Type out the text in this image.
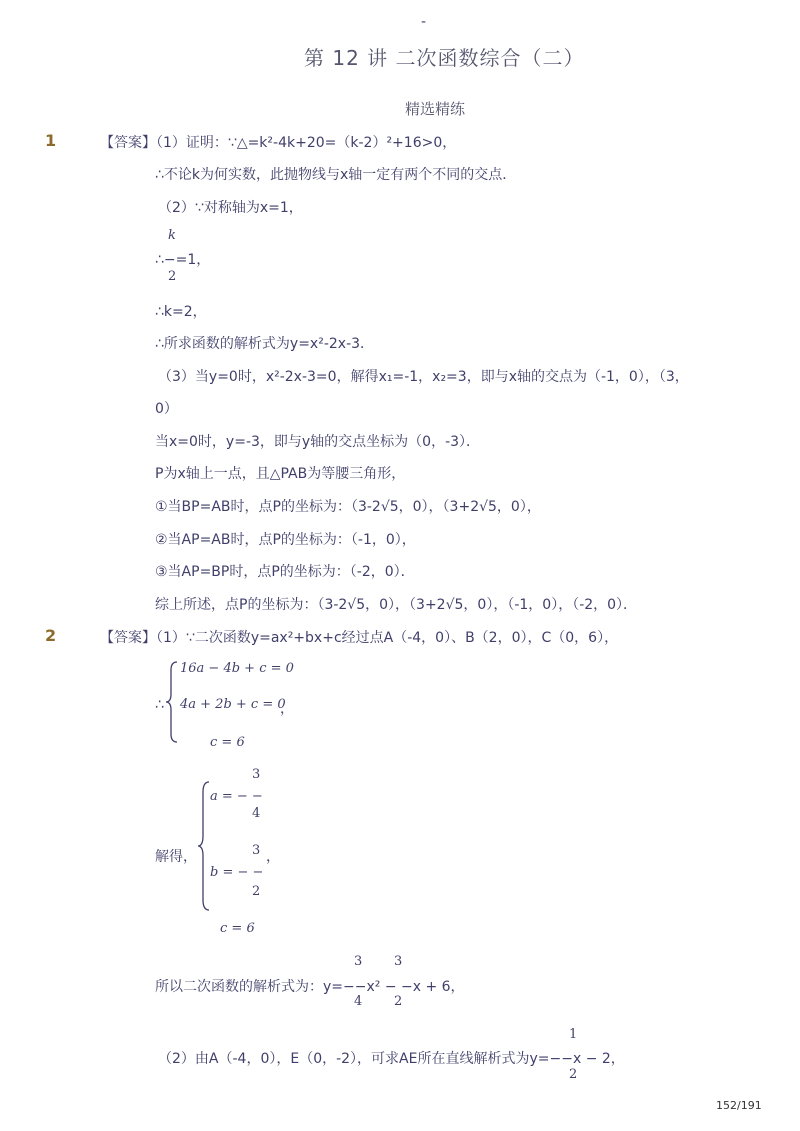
-
第 12 讲 二次函数综合（二）
精选精练
1	【答案】（1）证明：∵△=k²-4k+20=（k-2）²+16>0，
∴不论k为何实数，此抛物线与x轴一定有两个不同的交点．
（2）∵对称轴为x=1，
k
∴−=1，
2
∴k=2，
∴所求函数的解析式为y=x²-2x-3．
（3）当y=0时，x²-2x-3=0，解得x₁=-1，x₂=3，即与x轴的交点为（-1，0），（3，
0）
当x=0时，y=-3，即与y轴的交点坐标为（0，-3）．
P为x轴上一点，且△PAB为等腰三角形，
①当BP=AB时，点P的坐标为：（3-2√5，0），（3+2√5，0），
②当AP=AB时，点P的坐标为：（-1，0），
③当AP=BP时，点P的坐标为：（-2，0）．
综上所述，点P的坐标为：（3-2√5，0），（3+2√5，0），（-1，0），（-2，0）．
2	【答案】（1）∵二次函数y=ax²+bx+c经过点A（-4，0）、B（2，0），C（0，6），
∴
16a − 4b + c = 0
4a + 2b + c = 0
，
c = 6
解得，
3
a = − −
4
3
b = − −
，
2
c = 6
3 3
所以二次函数的解析式为：y=−−x² − −x + 6，
4 2
1
（2）由A（-4，0），E（0，-2），可求AE所在直线解析式为y=−−x − 2，
2
152/191
